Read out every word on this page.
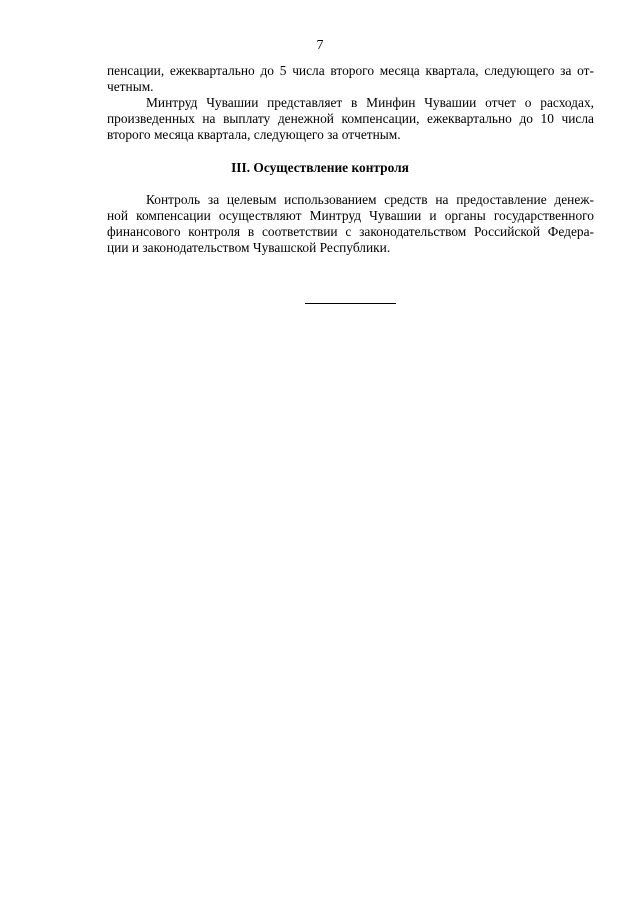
7
пенсации, ежеквартально до 5 числа второго месяца квартала, следующего за от-
четным.
Минтруд Чувашии представляет в Минфин Чувашии отчет о расходах,
произведенных на выплату денежной компенсации, ежеквартально до 10 числа
второго месяца квартала, следующего за отчетным.
III. Осуществление контроля
Контроль за целевым использованием средств на предоставление денеж-
ной компенсации осуществляют Минтруд Чувашии и органы государственного
финансового контроля в соответствии с законодательством Российской Федера-
ции и законодательством Чувашской Республики.
